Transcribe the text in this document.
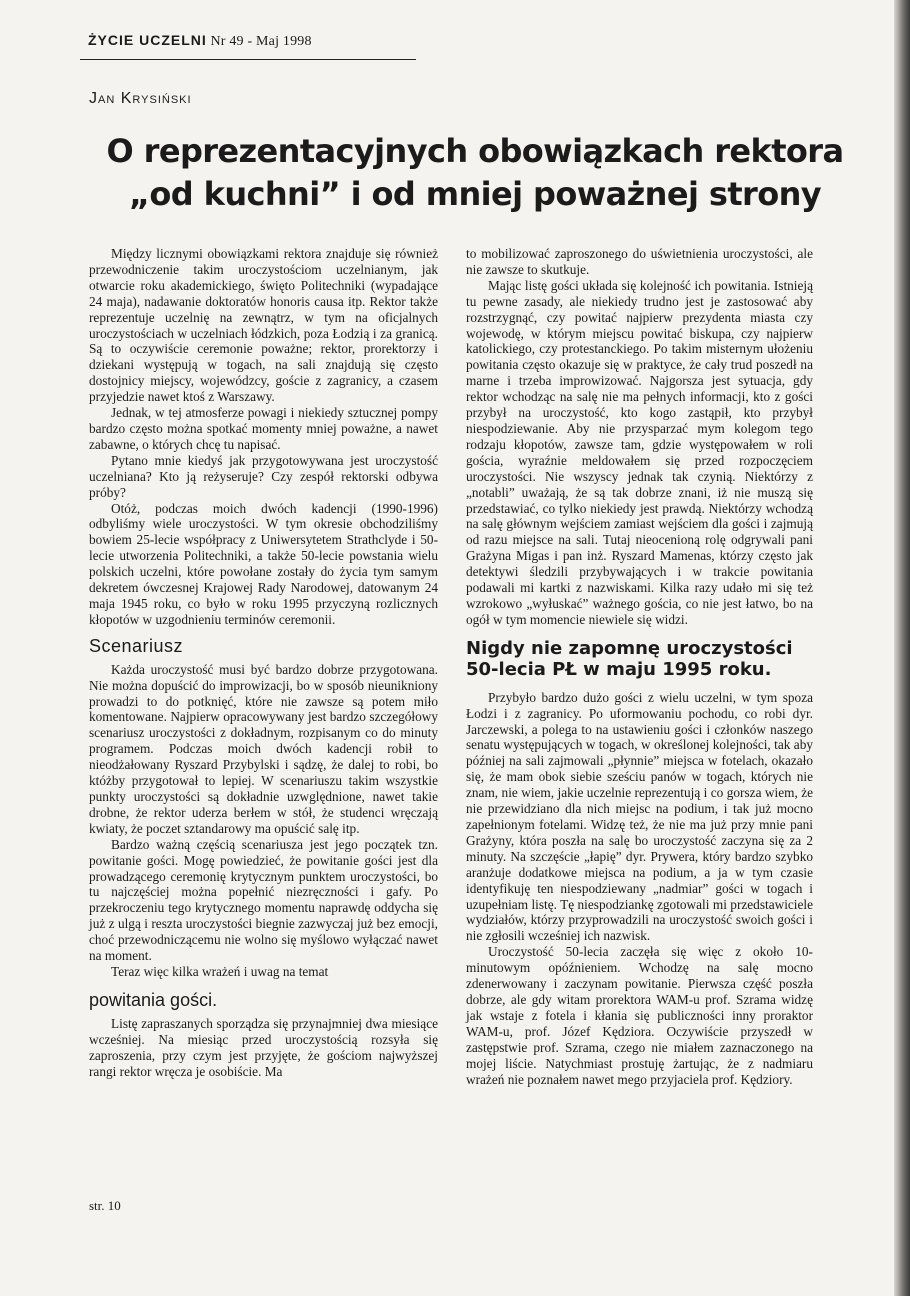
ŻYCIE UCZELNI Nr 49 - Maj 1998
Jan Krysiński
O reprezentacyjnych obowiązkach rektora
„od kuchni” i od mniej poważnej strony

Między licznymi obowiązkami rektora znajduje się również przewodniczenie takim uroczystościom uczelnianym, jak otwarcie roku akademickiego, święto Politechniki (wypadające 24 maja), nadawanie doktoratów honoris causa itp. Rektor także reprezentuje uczelnię na zewnątrz, w tym na oficjalnych uroczystościach w uczelniach łódzkich, poza Łodzią i za granicą. Są to oczywiście ceremonie poważne; rektor, prorektorzy i dziekani występują w togach, na sali znajdują się często dostojnicy miejscy, wojewódzcy, goście z zagranicy, a czasem przyjedzie nawet ktoś z Warszawy.

Jednak, w tej atmosferze powagi i niekiedy sztucznej pompy bardzo często można spotkać momenty mniej poważne, a nawet zabawne, o których chcę tu napisać.

Pytano mnie kiedyś jak przygotowywana jest uroczystość uczelniana? Kto ją reżyseruje? Czy zespół rektorski odbywa próby?

Otóż, podczas moich dwóch kadencji (1990-1996) odbyliśmy wiele uroczystości. W tym okresie obchodziliśmy bowiem 25-lecie współpracy z Uniwersytetem Strathclyde i 50-lecie utworzenia Politechniki, a także 50-lecie powstania wielu polskich uczelni, które powołane zostały do życia tym samym dekretem ówczesnej Krajowej Rady Narodowej, datowanym 24 maja 1945 roku, co było w roku 1995 przyczyną rozlicznych kłopotów w uzgodnieniu terminów ceremonii.

Scenariusz

Każda uroczystość musi być bardzo dobrze przygotowana. Nie można dopuścić do improwizacji, bo w sposób nieunikniony prowadzi to do potknięć, które nie zawsze są potem miło komentowane. Najpierw opracowywany jest bardzo szczegółowy scenariusz uroczystości z dokładnym, rozpisanym co do minuty programem. Podczas moich dwóch kadencji robił to nieodżałowany Ryszard Przybylski i sądzę, że dalej to robi, bo któżby przygotował to lepiej. W scenariuszu takim wszystkie punkty uroczystości są dokładnie uzwględnione, nawet takie drobne, że rektor uderza berłem w stół, że studenci wręczają kwiaty, że poczet sztandarowy ma opuścić salę itp.

Bardzo ważną częścią scenariusza jest jego początek tzn. powitanie gości. Mogę powiedzieć, że powitanie gości jest dla prowadzącego ceremonię krytycznym punktem uroczystości, bo tu najczęściej można popełnić niezręczności i gafy. Po przekroczeniu tego krytycznego momentu naprawdę oddycha się już z ulgą i reszta uroczystości biegnie zazwyczaj już bez emocji, choć przewodniczącemu nie wolno się myślowo wyłączać nawet na moment.

Teraz więc kilka wrażeń i uwag na temat

powitania gości.

Listę zapraszanych sporządza się przynajmniej dwa miesiące wcześniej. Na miesiąc przed uroczystością rozsyła się zaproszenia, przy czym jest przyjęte, że gościom najwyższej rangi rektor wręcza je osobiście. Ma

to mobilizować zaproszonego do uświetnienia uroczystości, ale nie zawsze to skutkuje.

Mając listę gości układa się kolejność ich powitania. Istnieją tu pewne zasady, ale niekiedy trudno jest je zastosować aby rozstrzygnąć, czy powitać najpierw prezydenta miasta czy wojewodę, w którym miejscu powitać biskupa, czy najpierw katolickiego, czy protestanckiego. Po takim misternym ułożeniu powitania często okazuje się w praktyce, że cały trud poszedł na marne i trzeba improwizować. Najgorsza jest sytuacja, gdy rektor wchodząc na salę nie ma pełnych informacji, kto z gości przybył na uroczystość, kto kogo zastąpił, kto przybył niespodziewanie. Aby nie przysparzać mym kolegom tego rodzaju kłopotów, zawsze tam, gdzie występowałem w roli gościa, wyraźnie meldowałem się przed rozpoczęciem uroczystości. Nie wszyscy jednak tak czynią. Niektórzy z „notabli” uważają, że są tak dobrze znani, iż nie muszą się przedstawiać, co tylko niekiedy jest prawdą. Niektórzy wchodzą na salę głównym wejściem zamiast wejściem dla gości i zajmują od razu miejsce na sali. Tutaj nieocenioną rolę odgrywali pani Grażyna Migas i pan inż. Ryszard Mamenas, którzy często jak detektywi śledzili przybywających i w trakcie powitania podawali mi kartki z nazwiskami. Kilka razy udało mi się też wzrokowo „wyłuskać” ważnego gościa, co nie jest łatwo, bo na ogół w tym momencie niewiele się widzi.

Nigdy nie zapomnę uroczystości 50-lecia PŁ w maju 1995 roku.

Przybyło bardzo dużo gości z wielu uczelni, w tym spoza Łodzi i z zagranicy. Po uformowaniu pochodu, co robi dyr. Jarczewski, a polega to na ustawieniu gości i członków naszego senatu występujących w togach, w określonej kolejności, tak aby później na sali zajmowali „płynnie” miejsca w fotelach, okazało się, że mam obok siebie sześciu panów w togach, których nie znam, nie wiem, jakie uczelnie reprezentują i co gorsza wiem, że nie przewidziano dla nich miejsc na podium, i tak już mocno zapełnionym fotelami. Widzę też, że nie ma już przy mnie pani Grażyny, która poszła na salę bo uroczystość zaczyna się za 2 minuty. Na szczęście „łapię” dyr. Prywera, który bardzo szybko aranżuje dodatkowe miejsca na podium, a ja w tym czasie identyfikuję ten niespodziewany „nadmiar” gości w togach i uzupełniam listę. Tę niespodziankę zgotowali mi przedstawiciele wydziałów, którzy przyprowadzili na uroczystość swoich gości i nie zgłosili wcześniej ich nazwisk.

Uroczystość 50-lecia zaczęła się więc z około 10-minutowym opóźnieniem. Wchodzę na salę mocno zdenerwowany i zaczynam powitanie. Pierwsza część poszła dobrze, ale gdy witam prorektora WAM-u prof. Szrama widzę jak wstaje z fotela i kłania się publiczności inny proraktor WAM-u, prof. Józef Kędziora. Oczywiście przyszedł w zastępstwie prof. Szrama, czego nie miałem zaznaczonego na mojej liście. Natychmiast prostuję żartując, że z nadmiaru wrażeń nie poznałem nawet mego przyjaciela prof. Kędziory.

str. 10
